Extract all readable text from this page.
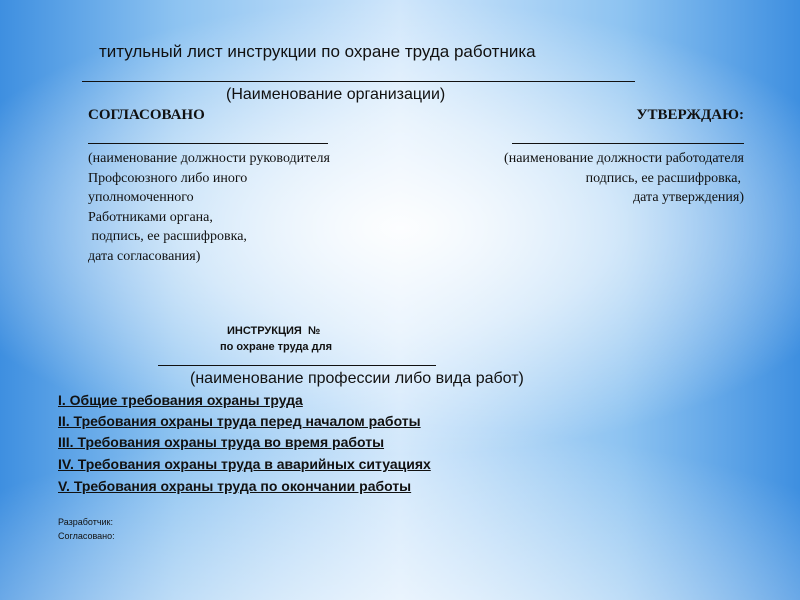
титульный лист инструкции по охране труда работника
(Наименование организации)
СОГЛАСОВАНО
(наименование должности руководителя
Профсоюзного либо иного
уполномоченного
Работниками органа,
подпись, ее расшифровка,
дата согласования)
УТВЕРЖДАЮ:
(наименование должности работодателя
подпись, ее расшифровка,
дата утверждения)
ИНСТРУКЦИЯ  №
по охране труда для
(наименование профессии либо вида работ)
I. Общие требования охраны труда
II. Требования охраны труда перед началом работы
III. Требования охраны труда во время работы
IV. Требования охраны труда в аварийных ситуациях
V. Требования охраны труда по окончании работы
Разработчик:
Согласовано:
